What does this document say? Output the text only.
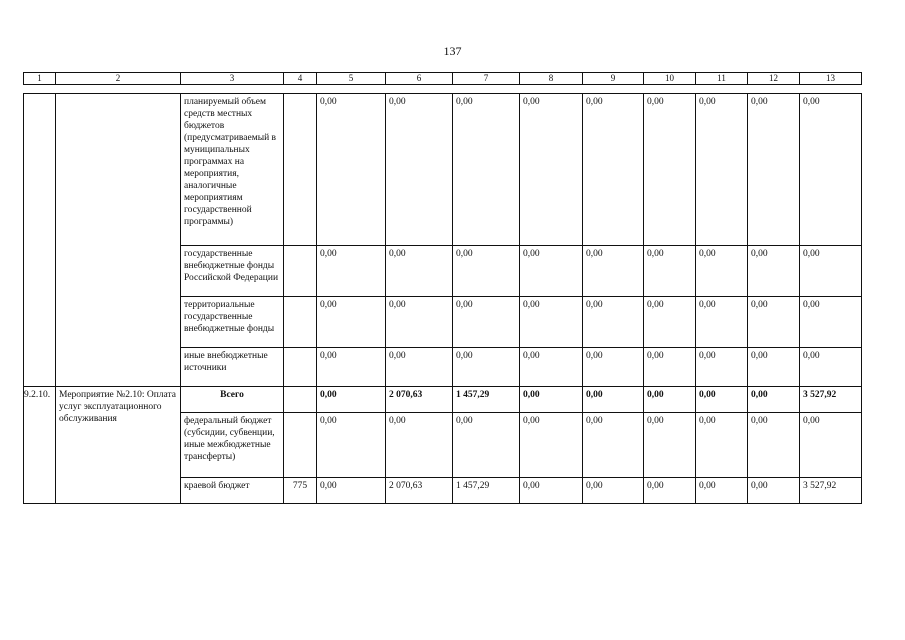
137
1	2	3	4	5	6	7	8	9	10	11	12	13
		планируемый объем средств местных бюджетов (предусматриваемый в муниципальных программах на мероприятия, аналогичные мероприятиям государственной программы)		0,00	0,00	0,00	0,00	0,00	0,00	0,00	0,00	0,00
		государственные внебюджетные фонды Российской Федерации		0,00	0,00	0,00	0,00	0,00	0,00	0,00	0,00	0,00
		территориальные государственные внебюджетные фонды		0,00	0,00	0,00	0,00	0,00	0,00	0,00	0,00	0,00
		иные внебюджетные источники		0,00	0,00	0,00	0,00	0,00	0,00	0,00	0,00	0,00
9.2.10.	Мероприятие №2.10: Оплата услуг эксплуатационного обслуживания	Всего		0,00	2 070,63	1 457,29	0,00	0,00	0,00	0,00	0,00	3 527,92
		федеральный бюджет (субсидии, субвенции, иные межбюджетные трансферты)		0,00	0,00	0,00	0,00	0,00	0,00	0,00	0,00	0,00
		краевой бюджет	775	0,00	2 070,63	1 457,29	0,00	0,00	0,00	0,00	0,00	3 527,92
